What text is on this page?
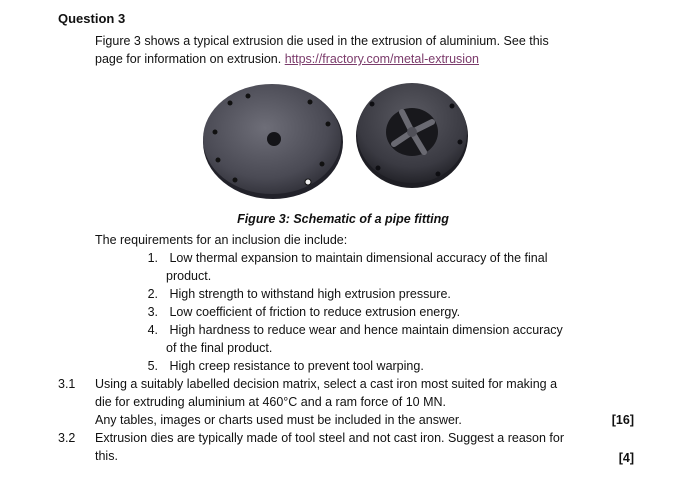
Question 3
Figure 3 shows a typical extrusion die used in the extrusion of aluminium. See this
page for information on extrusion. https://fractory.com/metal-extrusion
Figure 3: Schematic of a pipe fitting
The requirements for an inclusion die include:
1. Low thermal expansion to maintain dimensional accuracy of the final
product.
2. High strength to withstand high extrusion pressure.
3. Low coefficient of friction to reduce extrusion energy.
4. High hardness to reduce wear and hence maintain dimension accuracy
of the final product.
5. High creep resistance to prevent tool warping.
3.1 Using a suitably labelled decision matrix, select a cast iron most suited for making a
die for extruding aluminium at 460°C and a ram force of 10 MN.
Any tables, images or charts used must be included in the answer.	[16]
3.2 Extrusion dies are typically made of tool steel and not cast iron. Suggest a reason for
this.	[4]
